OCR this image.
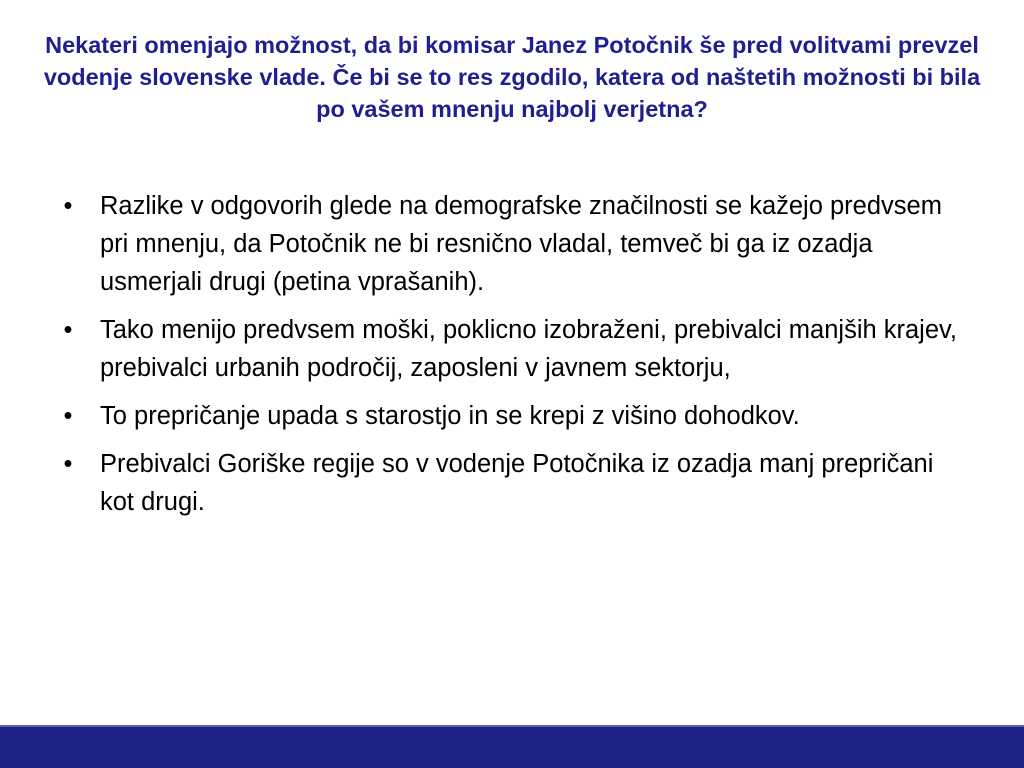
Nekateri omenjajo možnost, da bi komisar Janez Potočnik še pred volitvami prevzel vodenje slovenske vlade. Če bi se to res zgodilo, katera od naštetih možnosti bi bila po vašem mnenju najbolj verjetna?
• Razlike v odgovorih glede na demografske značilnosti se kažejo predvsem pri mnenju, da Potočnik ne bi resnično vladal, temveč bi ga iz ozadja usmerjali drugi (petina vprašanih).
• Tako menijo predvsem moški, poklicno izobraženi, prebivalci manjših krajev, prebivalci urbanih področij, zaposleni v javnem sektorju,
• To prepričanje upada s starostjo in se krepi z višino dohodkov.
• Prebivalci Goriške regije so v vodenje Potočnika iz ozadja manj prepričani kot drugi.
